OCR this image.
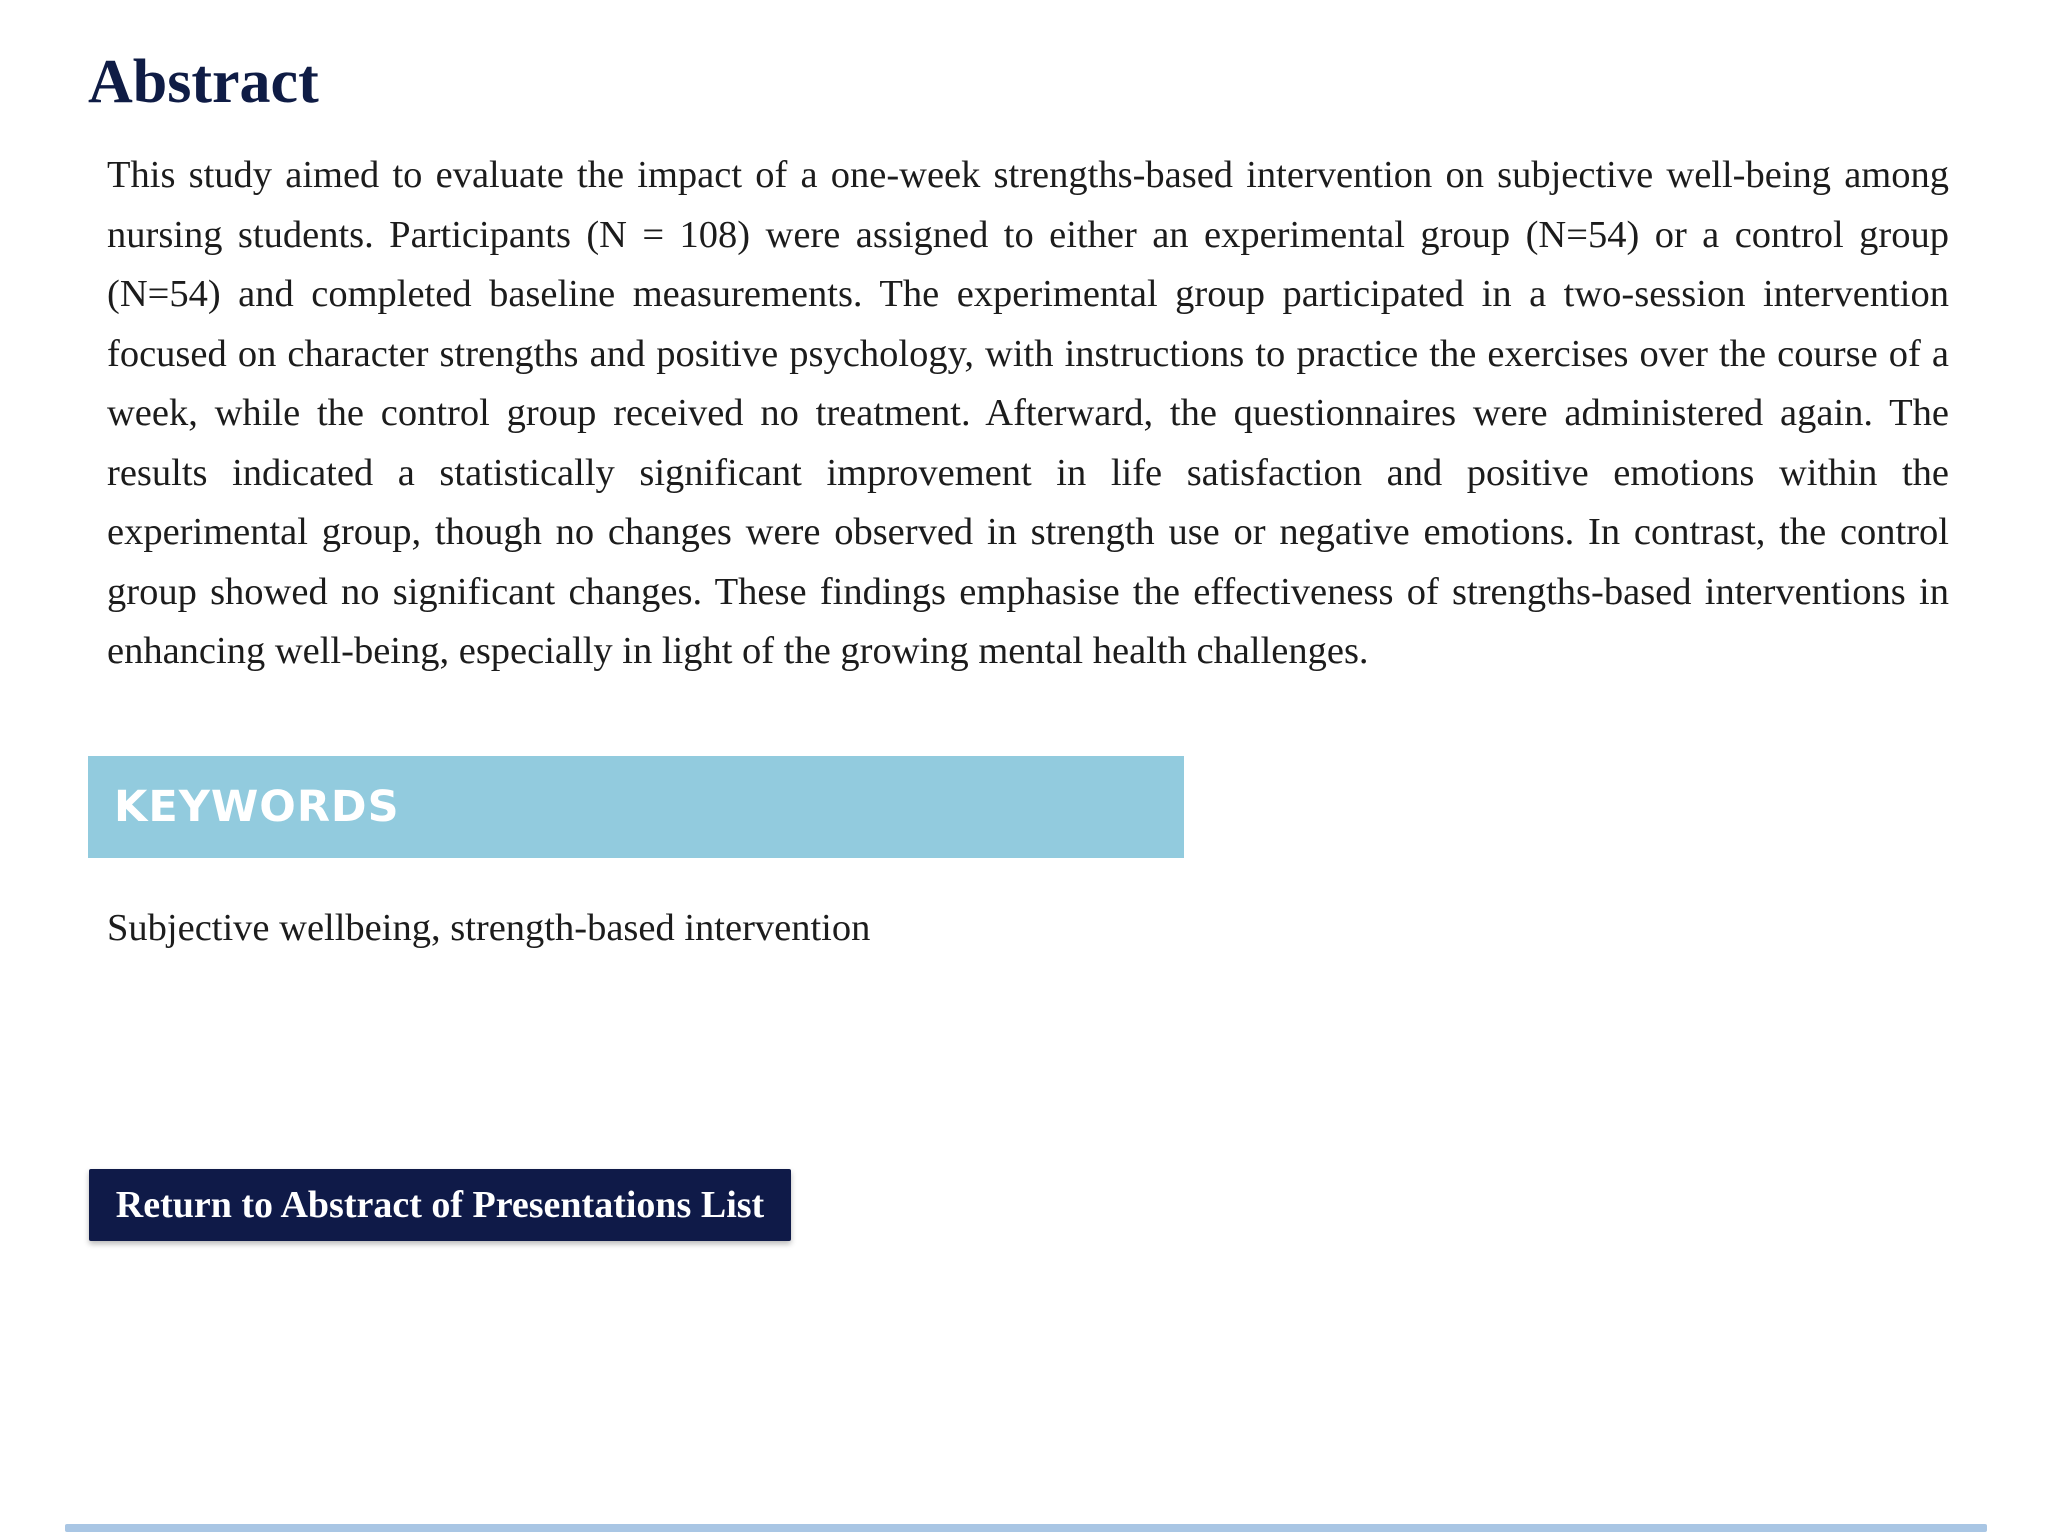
Abstract

This study aimed to evaluate the impact of a one-week strengths-based intervention on subjective well-being among nursing students. Participants (N = 108) were assigned to either an experimental group (N=54) or a control group (N=54) and completed baseline measurements. The experimental group participated in a two-session intervention focused on character strengths and positive psychology, with instructions to practice the exercises over the course of a week, while the control group received no treatment. Afterward, the questionnaires were administered again. The results indicated a statistically significant improvement in life satisfaction and positive emotions within the experimental group, though no changes were observed in strength use or negative emotions. In contrast, the control group showed no significant changes. These findings emphasise the effectiveness of strengths-based interventions in enhancing well-being, especially in light of the growing mental health challenges.

KEYWORDS

Subjective wellbeing, strength-based intervention

Return to Abstract of Presentations List
